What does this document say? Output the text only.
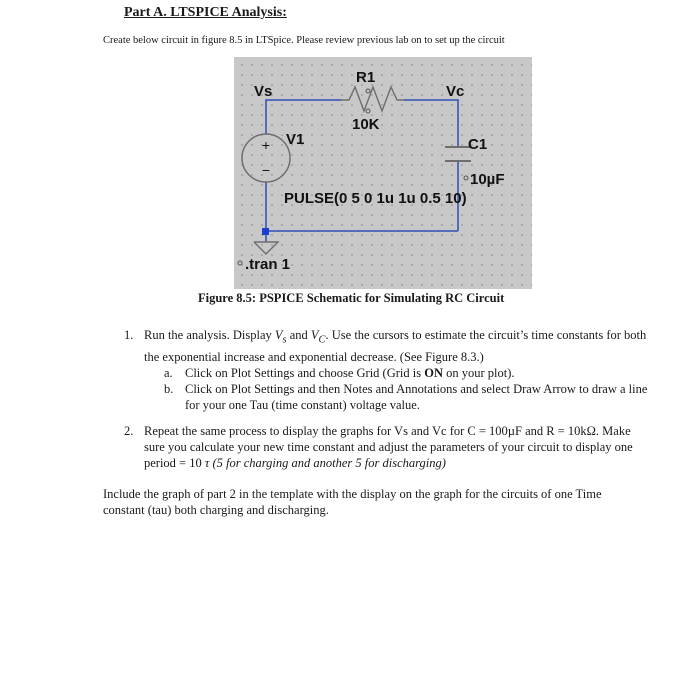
Part A. LTSPICE Analysis:
Create below circuit in figure 8.5 in LTSpice. Please review previous lab on to set up the circuit
+
−
Vs
R1
Vc
10K
V1	C1
10µF
PULSE(0 5 0 1u 1u 0.5 10)
.tran 1
Figure 8.5: PSPICE Schematic for Simulating RC Circuit
1. Run the analysis. Display $V_s$ and $V_C$. Use the cursors to estimate the circuit’s time constants for both the exponential increase and exponential decrease. (See Figure 8.3.)
a. Click on Plot Settings and choose Grid (Grid is ON on your plot).
b. Click on Plot Settings and then Notes and Annotations and select Draw Arrow to draw a line for your one Tau (time constant) voltage value.
2. Repeat the same process to display the graphs for Vs and Vc for C = 100µF and R = 10kΩ. Make sure you calculate your new time constant and adjust the parameters of your circuit to display one period = 10 τ (5 for charging and another 5 for discharging)
Include the graph of part 2 in the template with the display on the graph for the circuits of one Time constant (tau) both charging and discharging.
